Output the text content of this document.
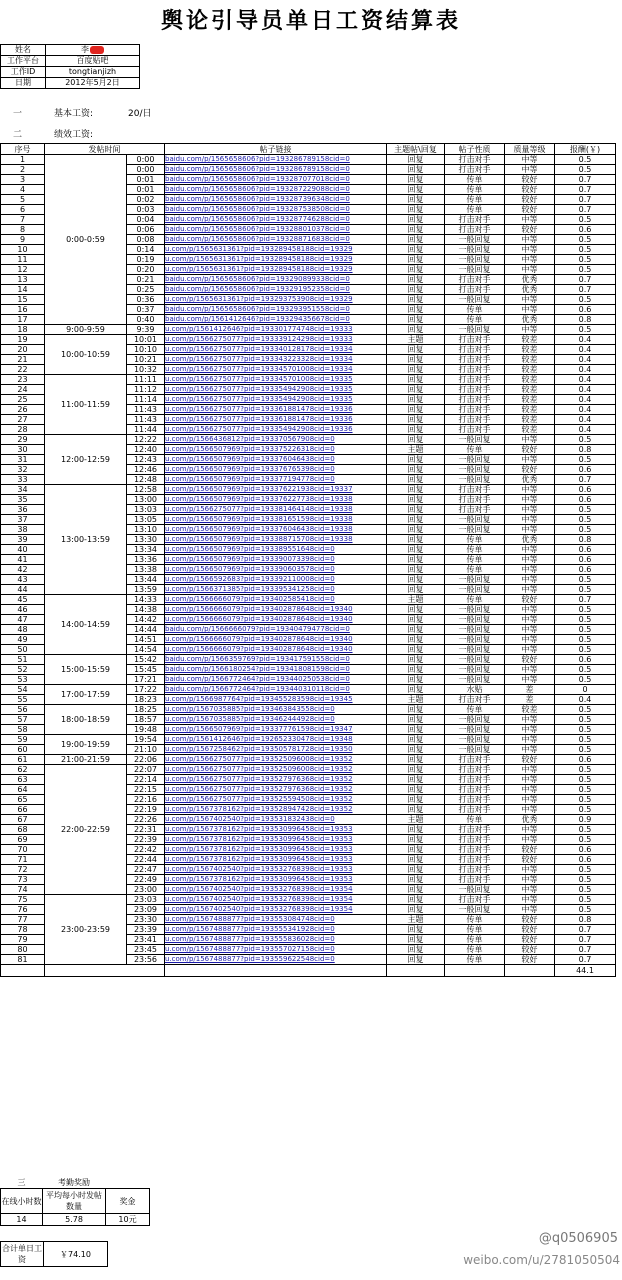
舆论引导员单日工资结算表
姓名	李
工作平台	百度贴吧
工作ID	tongtianjizh
日期	2012年5月2日
一	基本工资:	20/日
二	绩效工资:
序号	发帖时间		帖子链接	主题帖\回复	帖子性质	质量等级	报酬(￥)
1	0:00-0:59	0:00	baidu.com/p/1565658606?pid=193286789158cid=0	回复	打击对手	中等	0.5
2		0:00	baidu.com/p/1565658606?pid=193286789158cid=0	回复	打击对手	中等	0.5
3		0:01	baidu.com/p/1565658606?pid=193287077018cid=0	回复	传单	较好	0.7
4		0:01	baidu.com/p/1565658606?pid=193287229088cid=0	回复	传单	较好	0.7
5		0:02	baidu.com/p/1565658606?pid=193287396348cid=0	回复	传单	较好	0.7
6		0:03	baidu.com/p/1565658606?pid=193287538508cid=0	回复	传单	较好	0.7
7		0:04	baidu.com/p/1565658606?pid=193287746288cid=0	回复	打击对手	中等	0.5
8		0:06	baidu.com/p/1565658606?pid=193288010378cid=0	回复	打击对手	较好	0.6
9		0:08	baidu.com/p/1565658606?pid=193288716838cid=0	回复	一般回复	中等	0.5
10		0:14	u.com/p/1565631361?pid=193289458188cid=19329	回复	一般回复	中等	0.5
11		0:19	u.com/p/1565631361?pid=193289458188cid=19329	回复	一般回复	中等	0.5
12		0:20	u.com/p/1565631361?pid=193289458188cid=19329	回复	一般回复	中等	0.5
13		0:21	baidu.com/p/1565658606?pid=193290899338cid=0	回复	打击对手	优秀	0.7
14		0:25	baidu.com/p/1565658606?pid=193291952358cid=0	回复	打击对手	优秀	0.7
15		0:36	u.com/p/1565631361?pid=193293753908cid=19329	回复	一般回复	中等	0.5
16		0:37	baidu.com/p/1565658606?pid=193293951558cid=0	回复	传单	中等	0.6
17		0:40	baidu.com/p/1561412646?pid=193294356678cid=0	回复	传单	优秀	0.8
18	9:00-9:59	9:39	u.com/p/1561412646?pid=193301774748cid=19333	回复	一般回复	中等	0.5
19	10:00-10:59	10:01	u.com/p/1566275077?pid=193339124298cid=19333	主题	打击对手	较差	0.4
20		10:10	u.com/p/1566275077?pid=193340128178cid=19334	回复	打击对手	较差	0.4
21		10:21	u.com/p/1566275077?pid=193343223328cid=19334	回复	打击对手	较差	0.4
22		10:32	u.com/p/1566275077?pid=193345701008cid=19334	回复	打击对手	较差	0.4
23	11:00-11:59	11:11	u.com/p/1566275077?pid=193345701008cid=19335	回复	打击对手	较差	0.4
24		11:12	u.com/p/1566275077?pid=193354942908cid=19335	回复	打击对手	较差	0.4
25		11:14	u.com/p/1566275077?pid=193354942908cid=19335	回复	打击对手	较差	0.4
26		11:43	u.com/p/1566275077?pid=193361881478cid=19336	回复	打击对手	较差	0.4
27		11:43	u.com/p/1566275077?pid=193361881478cid=19336	回复	打击对手	较差	0.4
28		11:44	u.com/p/1566275077?pid=193354942908cid=19336	回复	打击对手	较差	0.4
29	12:00-12:59	12:22	u.com/p/1566436812?pid=193370567908cid=0	回复	一般回复	中等	0.5
30		12:40	u.com/p/1566507969?pid=193375226318cid=0	主题	传单	较好	0.8
31		12:43	u.com/p/1566507969?pid=193376046438cid=0	回复	一般回复	中等	0.5
32		12:46	u.com/p/1566507969?pid=193376765398cid=0	回复	一般回复	较好	0.6
33		12:48	u.com/p/1566507969?pid=193377194778cid=0	回复	一般回复	优秀	0.7
34	13:00-13:59	12:58	u.com/p/1566507969?pid=193376221938cid=19337	回复	打击对手	中等	0.6
35		13:00	u.com/p/1566507969?pid=193376227738cid=19338	回复	打击对手	中等	0.6
36		13:03	u.com/p/1566275077?pid=193381464148cid=19338	回复	打击对手	中等	0.5
37		13:05	u.com/p/1566507969?pid=193381651598cid=19338	回复	一般回复	中等	0.5
38		13:10	u.com/p/1566507969?pid=193376046438cid=19338	回复	一般回复	中等	0.5
39		13:30	u.com/p/1566507969?pid=193388715708cid=19338	回复	传单	优秀	0.8
40		13:34	u.com/p/1566507969?pid=193389551648cid=0	回复	传单	中等	0.6
41		13:36	u.com/p/1566507969?pid=193390073398cid=0	回复	传单	中等	0.6
42		13:38	u.com/p/1566507969?pid=193390603578cid=0	回复	传单	中等	0.6
43		13:44	u.com/p/1566592683?pid=193392110008cid=0	回复	一般回复	中等	0.5
44		13:59	u.com/p/1566371385?pid=193395341258cid=0	回复	一般回复	中等	0.5
45	14:00-14:59	14:33	u.com/p/1566666079?pid=193402585418cid=0	主题	传单	较好	0.7
46		14:38	u.com/p/1566666079?pid=193402878648cid=19340	回复	一般回复	中等	0.5
47		14:42	u.com/p/1566666079?pid=193402878648cid=19340	回复	一般回复	中等	0.5
48		14:44	baidu.com/p/1566666079?pid=193404794778cid=0	回复	一般回复	中等	0.5
49		14:51	u.com/p/1566666079?pid=193402878648cid=19340	回复	一般回复	中等	0.5
50		14:54	u.com/p/1566666079?pid=193402878648cid=19340	回复	一般回复	中等	0.5
51	15:00-15:59	15:42	baidu.com/p/1566359769?pid=193417591558cid=0	回复	一般回复	较好	0.6
52		15:45	baidu.com/p/1566180254?pid=193418081598cid=0	回复	一般回复	中等	0.5
53		17:21	baidu.com/p/1566772464?pid=193440250538cid=0	回复	一般回复	中等	0.5
54	17:00-17:59	17:22	baidu.com/p/1566772464?pid=193440310118cid=0	回复	水贴	差	0
55		18:23	u.com/p/1566987764?pid=193455283598cid=19345	主题	打击对手	差	0.4
56	18:00-18:59	18:25	u.com/p/1567035885?pid=193463843558cid=0	回复	传单	较差	0.5
57		18:57	u.com/p/1567035885?pid=193462444928cid=0	回复	一般回复	中等	0.5
58		19:48	u.com/p/1566507969?pid=193377761598cid=19347	回复	一般回复	中等	0.5
59	19:00-19:59	19:54	u.com/p/1561412646?pid=192652330478cid=19348	回复	一般回复	中等	0.5
60		21:10	u.com/p/1567258462?pid=193505781728cid=19350	回复	一般回复	中等	0.5
61	21:00-21:59	22:06	u.com/p/1566275077?pid=193525096008cid=19352	回复	打击对手	较好	0.6
62	22:00-22:59	22:07	u.com/p/1566275077?pid=193525096008cid=19352	回复	打击对手	中等	0.5
63		22:14	u.com/p/1566275077?pid=193527976368cid=19352	回复	打击对手	中等	0.5
64		22:15	u.com/p/1566275077?pid=193527976368cid=19352	回复	打击对手	中等	0.5
65		22:16	u.com/p/1566275077?pid=193525594508cid=19352	回复	打击对手	中等	0.5
66		22:19	u.com/p/1567378162?pid=193528947428cid=19352	回复	打击对手	中等	0.5
67		22:26	u.com/p/1567402540?pid=193531832438cid=0	主题	传单	优秀	0.9
68		22:31	u.com/p/1567378162?pid=193530996458cid=19353	回复	打击对手	中等	0.5
69		22:39	u.com/p/1567378162?pid=193530996458cid=19353	回复	打击对手	中等	0.5
70		22:42	u.com/p/1567378162?pid=193530996458cid=19353	回复	打击对手	较好	0.6
71		22:44	u.com/p/1567378162?pid=193530996458cid=19353	回复	打击对手	较好	0.6
72		22:47	u.com/p/1567402540?pid=193532768398cid=19353	回复	打击对手	中等	0.5
73		22:49	u.com/p/1567378162?pid=193530996458cid=19353	回复	打击对手	中等	0.5
74		23:00	u.com/p/1567402540?pid=193532768398cid=19354	回复	一般回复	中等	0.5
75	23:00-23:59	23:03	u.com/p/1567402540?pid=193532768398cid=19354	回复	打击对手	中等	0.5
76		23:09	u.com/p/1567402540?pid=193532768398cid=19354	回复	一般回复	中等	0.5
77		23:30	u.com/p/1567488877?pid=193553084748cid=0	主题	传单	较好	0.8
78		23:39	u.com/p/1567488877?pid=193555341928cid=0	回复	传单	较好	0.7
79		23:41	u.com/p/1567488877?pid=193555836028cid=0	回复	传单	较好	0.7
80		23:45	u.com/p/1567488877?pid=193557027158cid=0	回复	传单	较好	0.7
81		23:56	u.com/p/1567488877?pid=193559622548cid=0	回复	传单	较好	0.7
							44.1
三	考勤奖励	
在线小时数	平均每小时发帖数量	奖金
14	5.78	10元
合计单日工资	￥74.10
@q0506905
weibo.com/u/2781050504
